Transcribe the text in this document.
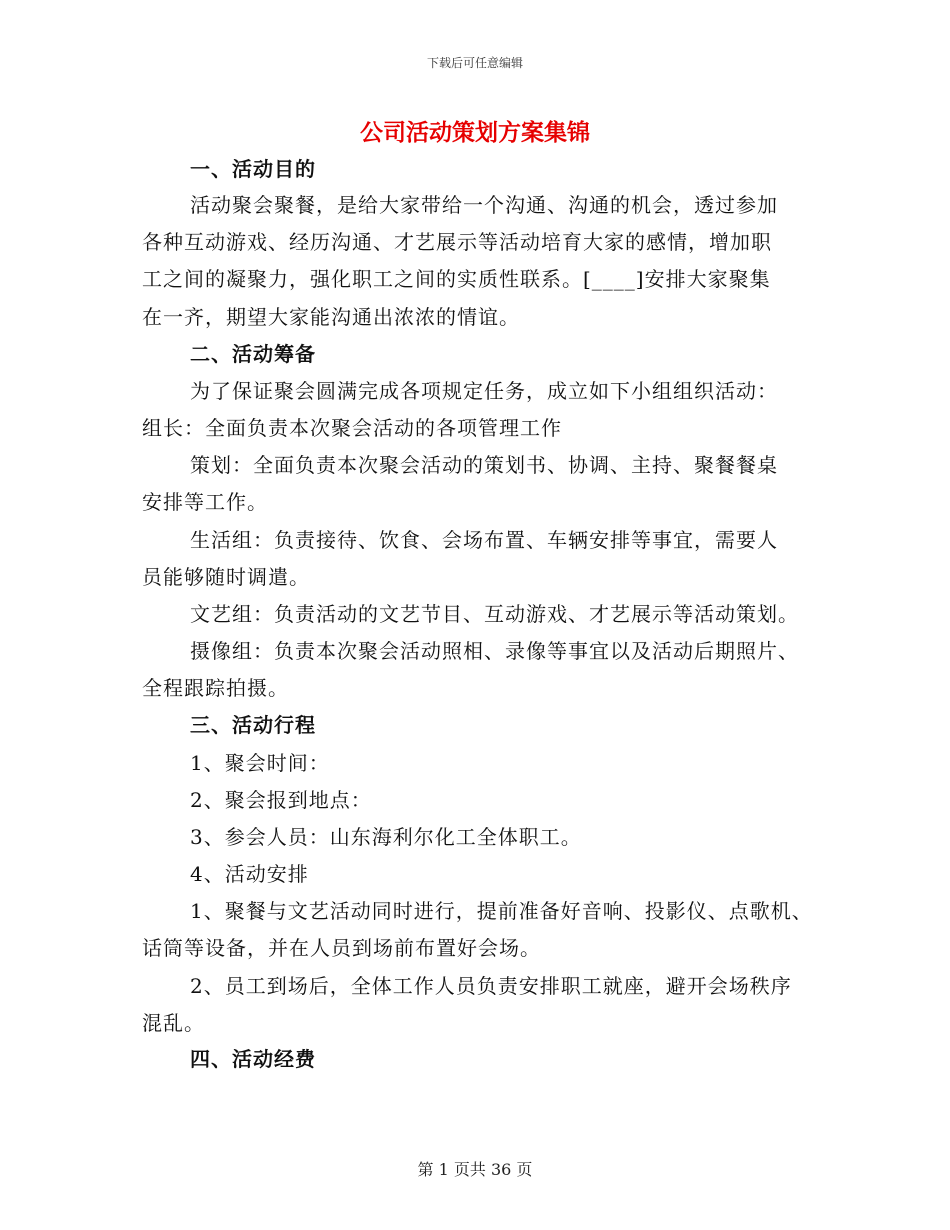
下载后可任意编辑
公司活动策划方案集锦
一、活动目的
活动聚会聚餐，是给大家带给一个沟通、沟通的机会，透过参加
各种互动游戏、经历沟通、才艺展示等活动培育大家的感情，增加职
工之间的凝聚力，强化职工之间的实质性联系。[____]安排大家聚集
在一齐，期望大家能沟通出浓浓的情谊。
二、活动筹备
为了保证聚会圆满完成各项规定任务，成立如下小组组织活动：
组长：全面负责本次聚会活动的各项管理工作
策划：全面负责本次聚会活动的策划书、协调、主持、聚餐餐桌
安排等工作。
生活组：负责接待、饮食、会场布置、车辆安排等事宜，需要人
员能够随时调遣。
文艺组：负责活动的文艺节目、互动游戏、才艺展示等活动策划。
摄像组：负责本次聚会活动照相、录像等事宜以及活动后期照片、
全程跟踪拍摄。
三、活动行程
1、聚会时间：
2、聚会报到地点：
3、参会人员：山东海利尔化工全体职工。
4、活动安排
1、聚餐与文艺活动同时进行，提前准备好音响、投影仪、点歌机、
话筒等设备，并在人员到场前布置好会场。
2、员工到场后，全体工作人员负责安排职工就座，避开会场秩序
混乱。
四、活动经费
第 1 页共 36 页
